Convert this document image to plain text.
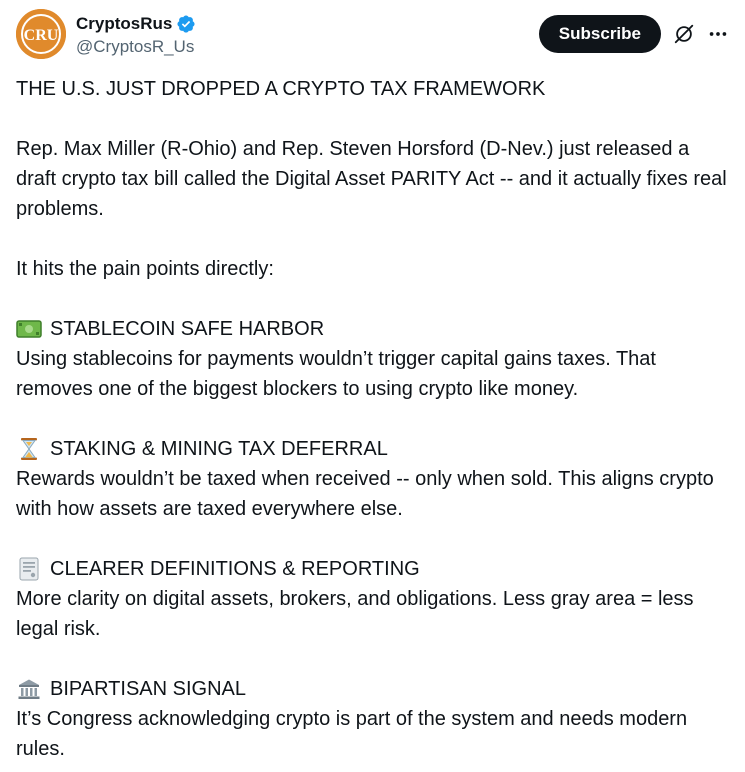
CRU
CryptosRus
@CryptosR_Us
Subscribe
THE U.S. JUST DROPPED A CRYPTO TAX FRAMEWORK
Rep. Max Miller (R-Ohio) and Rep. Steven Horsford (D-Nev.) just released a draft crypto tax bill called the Digital Asset PARITY Act -- and it actually fixes real problems.
It hits the pain points directly:
STABLECOIN SAFE HARBOR
Using stablecoins for payments wouldn’t trigger capital gains taxes. That removes one of the biggest blockers to using crypto like money.
STAKING & MINING TAX DEFERRAL
Rewards wouldn’t be taxed when received -- only when sold. This aligns crypto with how assets are taxed everywhere else.
CLEARER DEFINITIONS & REPORTING
More clarity on digital assets, brokers, and obligations. Less gray area = less legal risk.
BIPARTISAN SIGNAL
It’s Congress acknowledging crypto is part of the system and needs modern rules.
